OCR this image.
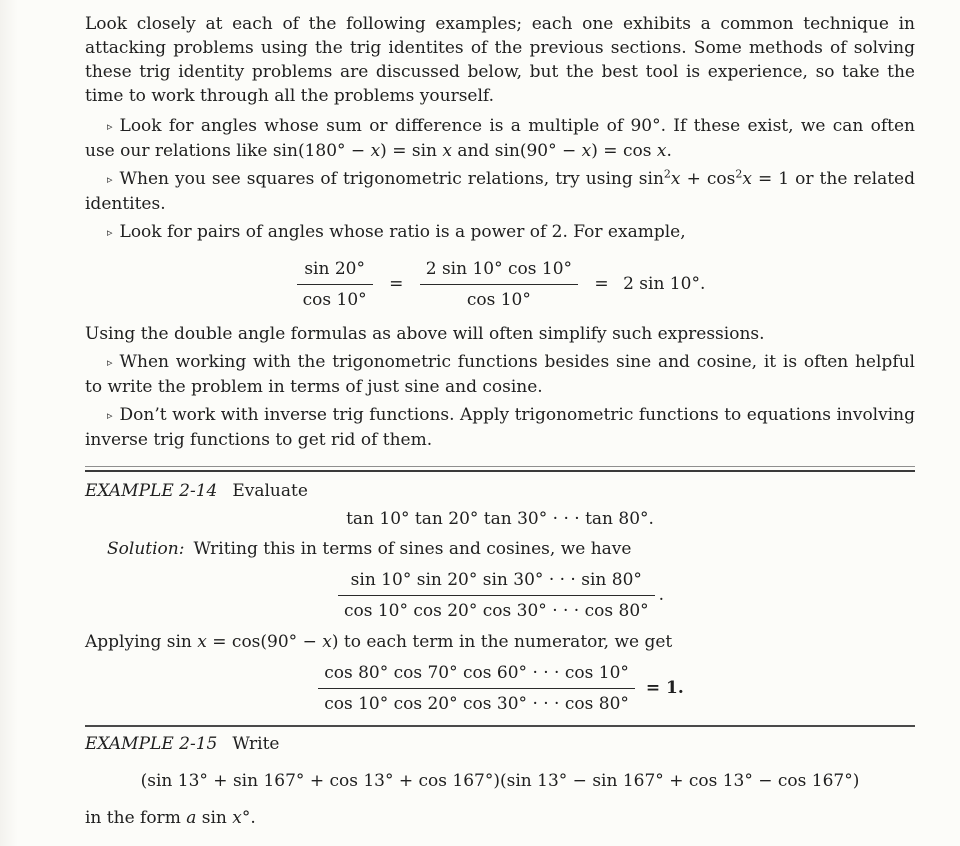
Look closely at each of the following examples; each one exhibits a common technique in attacking problems using the trig identites of the previous sections. Some methods of solving these trig identity problems are discussed below, but the best tool is experience, so take the time to work through all the problems yourself.

▹ Look for angles whose sum or difference is a multiple of 90°. If these exist, we can often use our relations like sin(180° − x) = sin x and sin(90° − x) = cos x.

▹ When you see squares of trigonometric relations, try using $\sin^2x + \cos^2x = 1$ or the related identites.

▹ Look for pairs of angles whose ratio is a power of 2. For example,

$\frac{\sin 20^\circ}{\cos 10^\circ} = \frac{2 \sin 10^\circ \cos 10^\circ}{\cos 10^\circ} = 2$ sin 10°.

Using the double angle formulas as above will often simplify such expressions.

▹ When working with the trigonometric functions besides sine and cosine, it is often helpful to write the problem in terms of just sine and cosine.

▹ Don’t work with inverse trig functions. Apply trigonometric functions to equations involving inverse trig functions to get rid of them.

EXAMPLE 2-14 Evaluate

tan 10° tan 20° tan 30° · · · tan 80°.

Solution: Writing this in terms of sines and cosines, we have

$\frac{\sin 10^\circ \sin 20^\circ \sin 30^\circ \cdot \cdot \cdot \sin 80^\circ}{\cos 10^\circ \cos 20^\circ \cos 30^\circ \cdot \cdot \cdot \cos 80^\circ}$ .

Applying sin x = cos(90° − x) to each term in the numerator, we get

$\frac{\cos 80^\circ \cos 70^\circ \cos 60^\circ \cdot \cdot \cdot \cos 10^\circ}{\cos 10^\circ \cos 20^\circ \cos 30^\circ \cdot \cdot \cdot \cos 80^\circ} = 1$.

EXAMPLE 2-15 Write

(sin 13° + sin 167° + cos 13° + cos 167°)(sin 13° − sin 167° + cos 13° − cos 167°)

in the form a sin x°.
